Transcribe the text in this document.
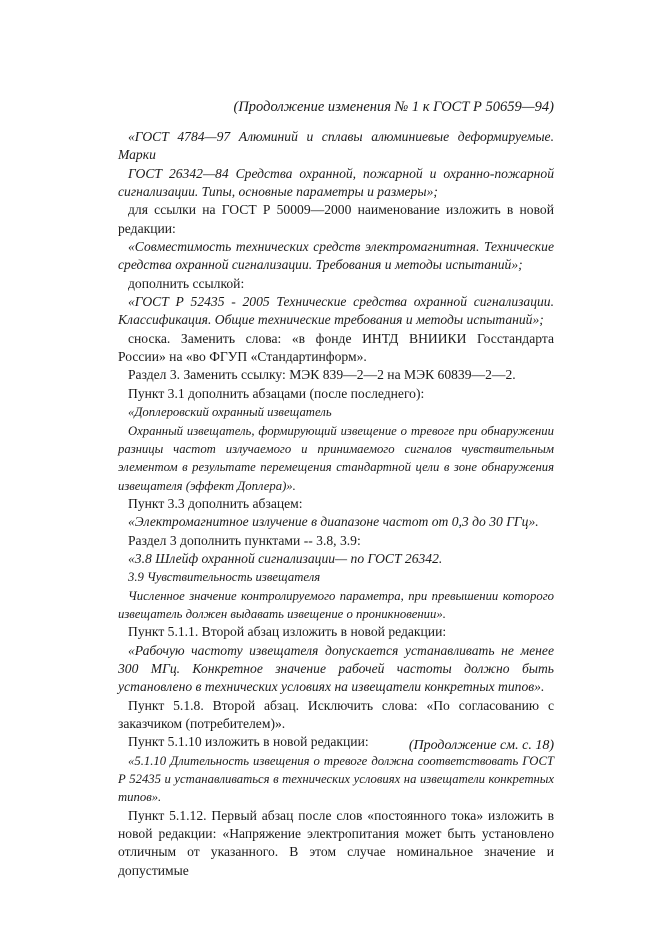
(Продолжение изменения № 1 к ГОСТ Р 50659—94)

«ГОСТ 4784—97 Алюминий и сплавы алюминиевые деформируемые. Марки

ГОСТ 26342—84 Средства охранной, пожарной и охранно-пожарной сигнализации. Типы, основные параметры и размеры»;

для ссылки на ГОСТ Р 50009—2000 наименование изложить в новой редакции:

«Совместимость технических средств электромагнитная. Технические средства охранной сигнализации. Требования и методы испытаний»;

дополнить ссылкой:

«ГОСТ Р 52435 - 2005 Технические средства охранной сигнализации. Классификация. Общие технические требования и методы испытаний»;

сноска. Заменить слова: «в фонде ИНТД ВНИИКИ Госстандарта России» на «во ФГУП «Стандартинформ».

Раздел 3. Заменить ссылку: МЭК 839—2—2 на МЭК 60839—2—2.

Пункт 3.1 дополнить абзацами (после последнего):

«Доплеровский охранный извещатель

Охранный извещатель, формирующий извещение о тревоге при обнаружении разницы частот излучаемого и принимаемого сигналов чувствительным элементом в результате перемещения стандартной цели в зоне обнаружения извещателя (эффект Доплера)».

Пункт 3.3 дополнить абзацем:

«Электромагнитное излучение в диапазоне частот от 0,3 до 30 ГГц».

Раздел 3 дополнить пунктами -- 3.8, 3.9:

«3.8 Шлейф охранной сигнализации— по ГОСТ 26342.

3.9 Чувствительность извещателя

Численное значение контролируемого параметра, при превышении которого извещатель должен выдавать извещение о проникновении».

Пункт 5.1.1. Второй абзац изложить в новой редакции:

«Рабочую частоту извещателя допускается устанавливать не менее 300 МГц. Конкретное значение рабочей частоты должно быть установлено в технических условиях на извещатели конкретных типов».

Пункт 5.1.8. Второй абзац. Исключить слова: «По согласованию с заказчиком (потребителем)».

Пункт 5.1.10 изложить в новой редакции:

«5.1.10 Длительность извещения о тревоге должна соответствовать ГОСТ Р 52435 и устанавливаться в технических условиях на извещатели конкретных типов».

Пункт 5.1.12. Первый абзац после слов «постоянного тока» изложить в новой редакции: «Напряжение электропитания может быть установлено отличным от указанного. В этом случае номинальное значение и допустимые

(Продолжение см. с. 18)
